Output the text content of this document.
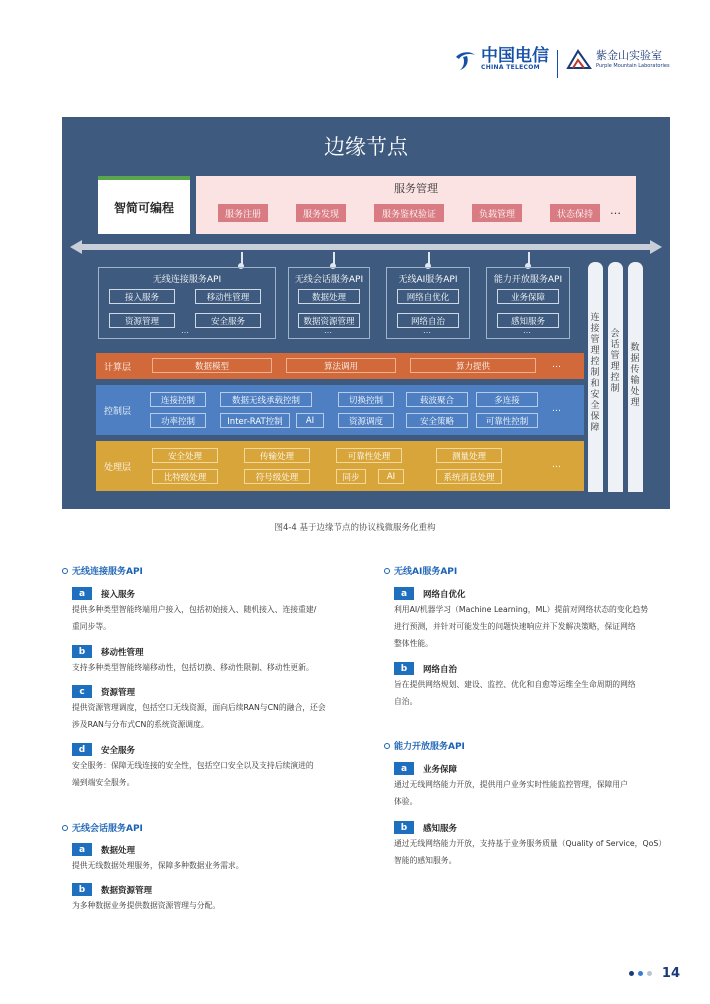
中国电信
CHINA TELECOM
紫金山实验室
Purple Mountain Laboratories
边缘节点
智简可编程
服务管理
服务注册	服务发现	服务鉴权验证	负载管理	状态保持	…
无线连接服务API
接入服务	移动性管理
资源管理	安全服务
…
无线会话服务API
数据处理
数据资源管理
…
无线AI服务API
网络自优化
网络自治
…
能力开放服务API
业务保障
感知服务
…
计算层	数据模型	算法调用	算力提供	…
控制层
连接控制	数据无线承载控制	切换控制	载波聚合	多连接
功率控制	Inter-RAT控制	AI	资源调度	安全策略	可靠性控制
…
处理层
安全处理	传输处理	可靠性处理	测量处理
比特级处理	符号级处理	同步	AI	系统消息处理
…
连接管理控制和安全保障
会话管理控制
数据传输处理
图4-4 基于边缘节点的协议栈微服务化重构
无线连接服务API
a	接入服务
提供多种类型智能终端用户接入，包括初始接入、随机接入、连接重建/
重同步等。
b	移动性管理
支持多种类型智能终端移动性，包括切换、移动性限制、移动性更新。
c	资源管理
提供资源管理调度，包括空口无线资源，面向后续RAN与CN的融合，还会
涉及RAN与分布式CN的系统资源调度。
d	安全服务
安全服务：保障无线连接的安全性，包括空口安全以及支持后续演进的
端到端安全服务。
无线会话服务API
a	数据处理
提供无线数据处理服务，保障多种数据业务需求。
b	数据资源管理
为多种数据业务提供数据资源管理与分配。
无线AI服务API
a	网络自优化
利用AI/机器学习（Machine Learning，ML）提前对网络状态的变化趋势
进行预测，并针对可能发生的问题快速响应并下发解决策略，保证网络
整体性能。
b	网络自治
旨在提供网络规划、建设、监控、优化和自愈等运维全生命周期的网络
自治。
能力开放服务API
a	业务保障
通过无线网络能力开放，提供用户业务实时性能监控管理，保障用户
体验。
b	感知服务
通过无线网络能力开放，支持基于业务服务质量（Quality of Service，QoS）
智能的感知服务。
14
